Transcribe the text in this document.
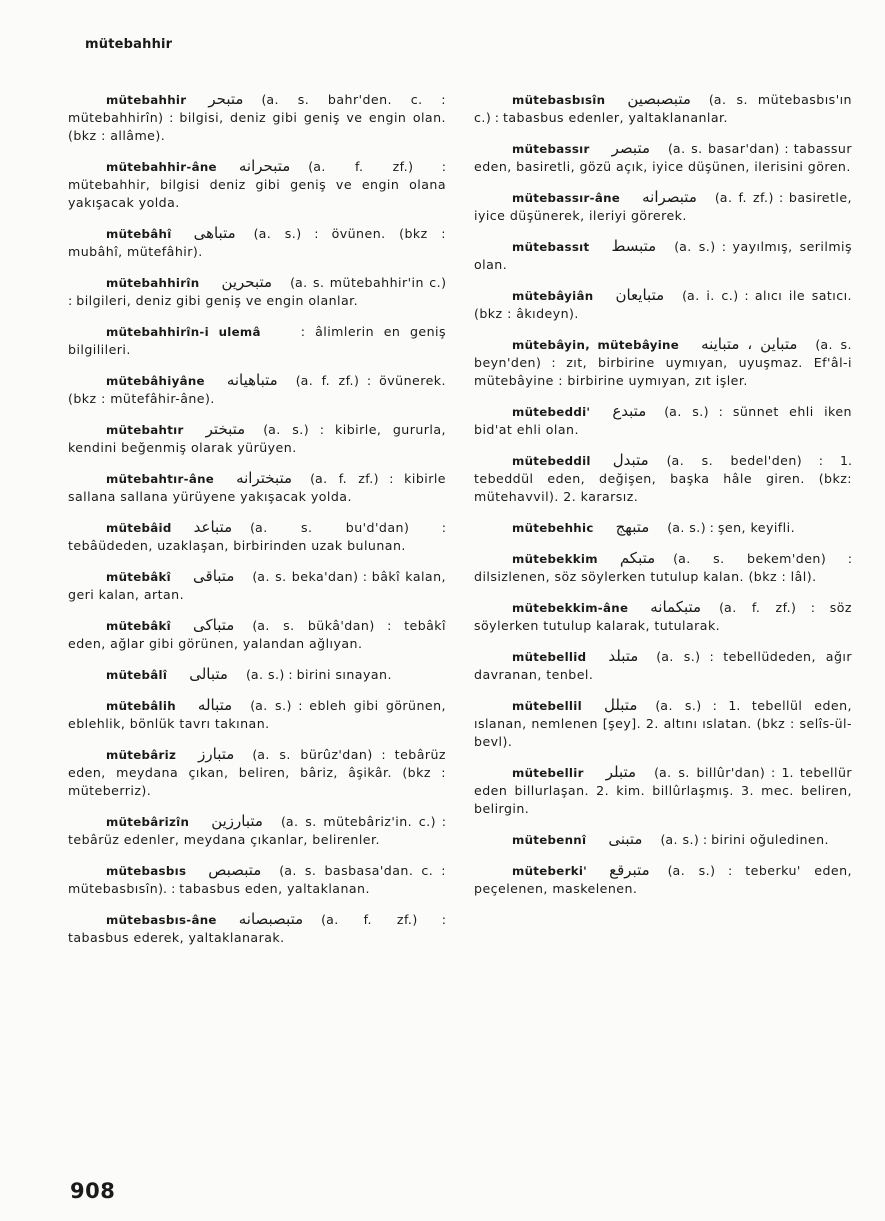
mütebahhir
mütebahhir متبحر (a. s. bahr'den. c. : mütebahhirîn) : bilgisi, deniz gibi geniş ve engin olan. (bkz : allâme).
mütebahhir-âne متبحرانه (a. f. zf.) : mütebahhir, bilgisi deniz gibi geniş ve engin olana yakışacak yolda.
mütebâhî متباهى (a. s.) : övünen. (bkz : mubâhî, mütefâhir).
mütebahhirîn متبحرين (a. s. mütebahhir'in c.) : bilgileri, deniz gibi geniş ve engin olanlar.
mütebahhirîn-i ulemâ	: âlimlerin en geniş bilgilileri.
mütebâhiyâne متباهيانه (a. f. zf.) : övünerek. (bkz : mütefâhir-âne).
mütebahtır متبختر (a. s.) : kibirle, gururla, kendini beğenmiş olarak yürüyen.
mütebahtır-âne متبخترانه (a. f. zf.) : kibirle sallana sallana yürüyene yakışacak yolda.
mütebâid متباعد (a. s. bu'd'dan) : tebâüdeden, uzaklaşan, birbirinden uzak bulunan.
mütebâkî متباقى (a. s. beka'dan) : bâkî kalan, geri kalan, artan.
mütebâkî متباكى (a. s. bükâ'dan) : tebâkî eden, ağlar gibi görünen, yalandan ağlıyan.
mütebâlî متبالى (a. s.) : birini sınayan.
mütebâlih متباله (a. s.) : ebleh gibi görünen, eblehlik, bönlük tavrı takınan.
mütebâriz متبارز (a. s. bürûz'dan) : tebârüz eden, meydana çıkan, beliren, bâriz, âşikâr. (bkz : müteberriz).
mütebârizîn متبارزين (a. s. mütebâriz'in. c.) : tebârüz edenler, meydana çıkanlar, belirenler.
mütebasbıs متبصبص (a. s. basbasa'dan. c. : mütebasbısîn). : tabasbus eden, yaltaklanan.
mütebasbıs-âne متبصبصانه (a. f. zf.) : tabasbus ederek, yaltaklanarak.
mütebasbısîn متبصبصين (a. s. mütebasbıs'ın c.) : tabasbus edenler, yaltaklananlar.
mütebassır متبصر (a. s. basar'dan) : tabassur eden, basiretli, gözü açık, iyice düşünen, ilerisini gören.
mütebassır-âne متبصرانه (a. f. zf.) : basiretle, iyice düşünerek, ileriyi görerek.
mütebassıt متبسط (a. s.) : yayılmış, serilmiş olan.
mütebâyiân متبايعان (a. i. c.) : alıcı ile satıcı. (bkz : âkıdeyn).
mütebâyin, mütebâyine متباين ، متباينه (a. s. beyn'den) : zıt, birbirine uymıyan, uyuşmaz. Ef'âl-i mütebâyine : birbirine uymıyan, zıt işler.
mütebeddi' متبدع (a. s.) : sünnet ehli iken bid'at ehli olan.
mütebeddil متبدل (a. s. bedel'den) : 1. tebeddül eden, değişen, başka hâle giren. (bkz: mütehavvil). 2. kararsız.
mütebehhic متبهج (a. s.) : şen, keyifli.
mütebekkim متبكم (a. s. bekem'den) : dilsizlenen, söz söylerken tutulup kalan. (bkz : lâl).
mütebekkim-âne متبكمانه (a. f. zf.) : söz söylerken tutulup kalarak, tutularak.
mütebellid متبلد (a. s.) : tebellüdeden, ağır davranan, tenbel.
mütebellil متبلل (a. s.) : 1. tebellül eden, ıslanan, nemlenen [şey]. 2. altını ıslatan. (bkz : selîs-ül-bevl).
mütebellir متبلر (a. s. billûr'dan) : 1. tebellür eden billurlaşan. 2. kim. billûrlaşmış. 3. mec. beliren, belirgin.
mütebennî متبنى (a. s.) : birini oğuledinen.
müteberki' متبرقع (a. s.) : teberku' eden, peçelenen, maskelenen.
908
